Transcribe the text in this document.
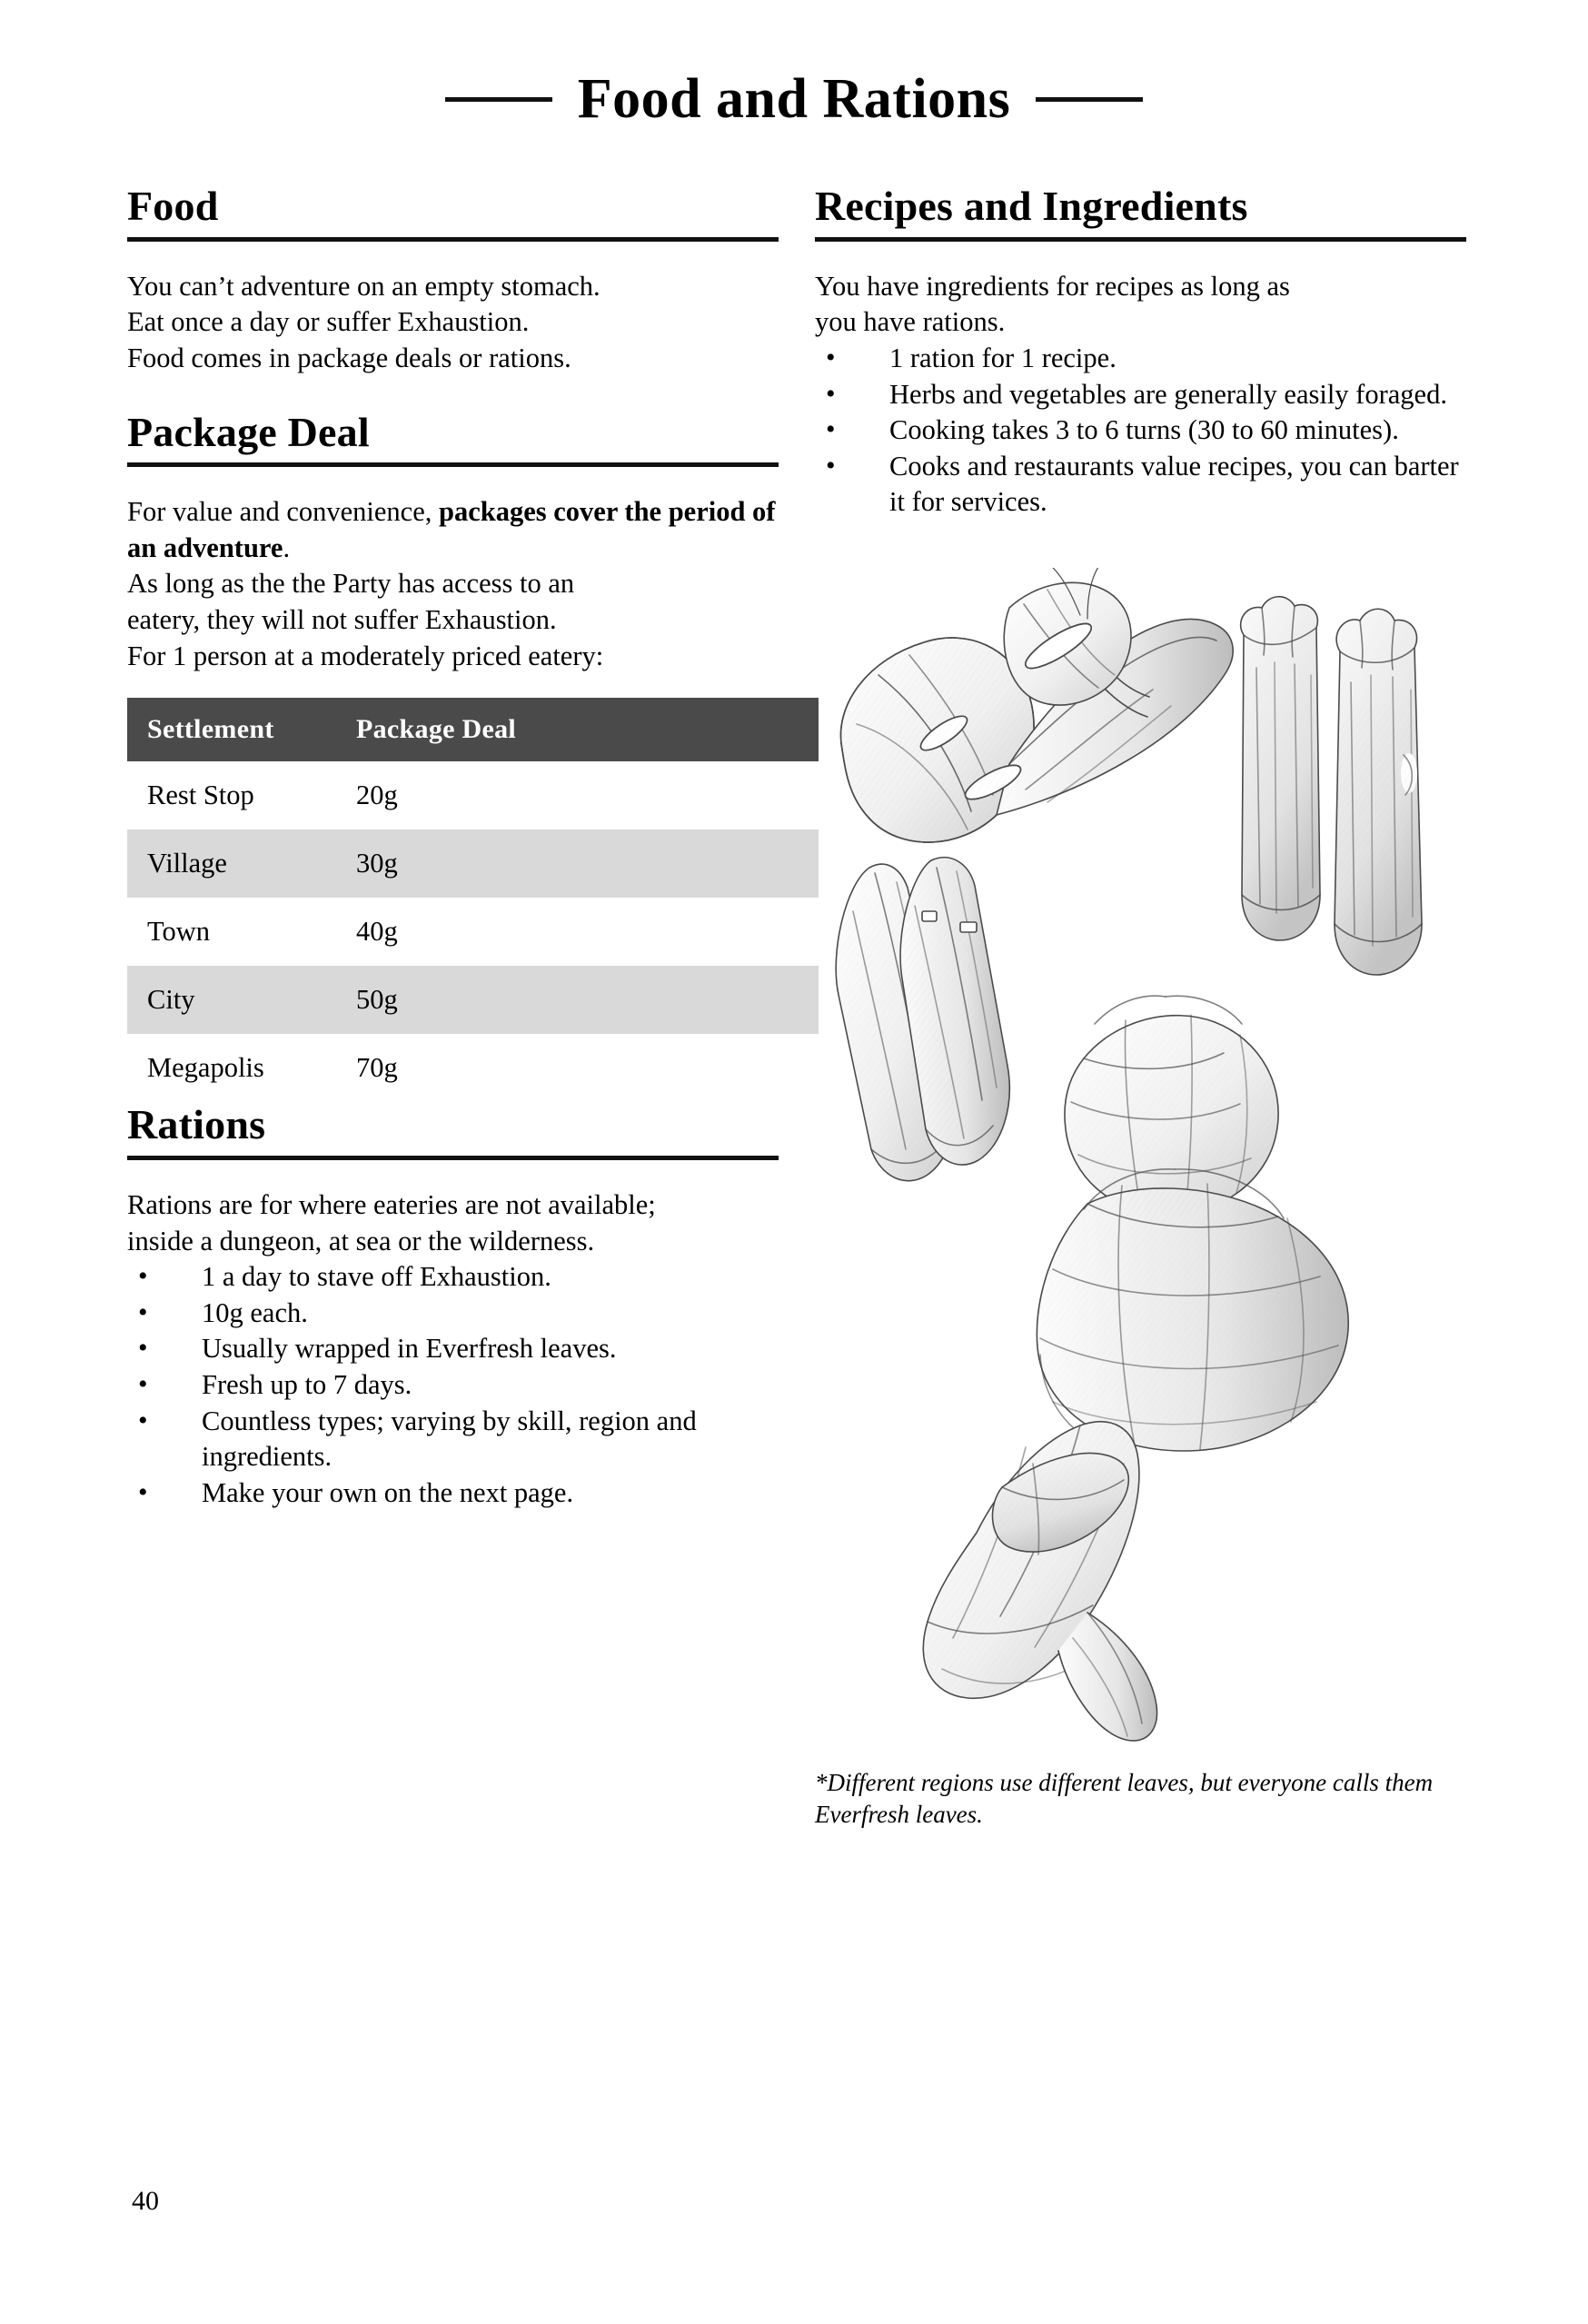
Food and Rations
Food

You can’t adventure on an empty stomach.

Eat once a day or suffer Exhaustion.

Food comes in package deals or rations.

Package Deal

For value and convenience, packages cover the period of an adventure.

As long as the the Party has access to an

eatery, they will not suffer Exhaustion.

For 1 person at a moderately priced eatery:

Settlement	Package Deal
Rest Stop	20g
Village	30g
Town	40g
City	50g
Megapolis	70g
Rations

Rations are for where eateries are not available;

inside a dungeon, at sea or the wilderness.

• 1 a day to stave off Exhaustion.
• 10g each.
• Usually wrapped in Everfresh leaves.
• Fresh up to 7 days.
• Countless types; varying by skill, region and ingredients.
• Make your own on the next page.
Recipes and Ingredients

You have ingredients for recipes as long as

you have rations.

• 1 ration for 1 recipe.
• Herbs and vegetables are generally easily foraged.
• Cooking takes 3 to 6 turns (30 to 60 minutes).
• Cooks and restaurants value recipes, you can barter it for services.

*Different regions use different leaves, but everyone calls them Everfresh leaves.

40
